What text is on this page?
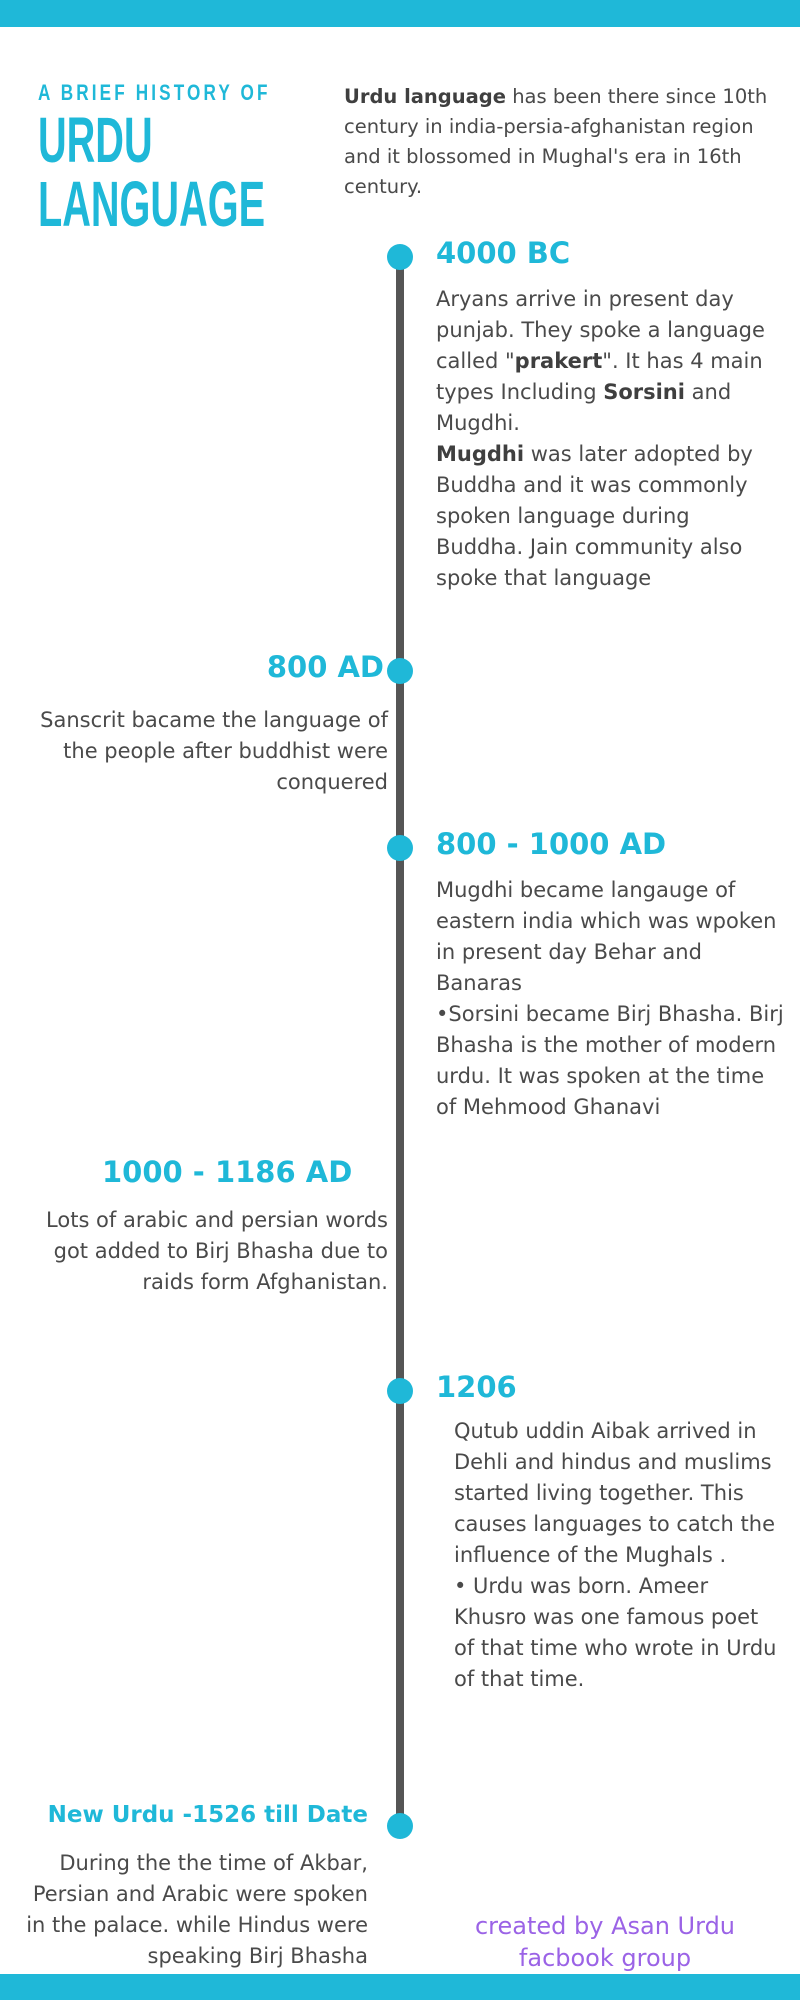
A BRIEF HISTORY OF
URDU
LANGUAGE
Urdu language has been there since 10th century in india-persia-afghanistan region and it blossomed in Mughal's era in 16th century.
4000 BC
Aryans arrive in present day punjab. They spoke a language called "prakert". It has 4 main types Including Sorsini and Mugdhi.
Mugdhi was later adopted by Buddha and it was commonly spoken language during Buddha. Jain community also spoke that language
800 AD
Sanscrit bacame the language of the people after buddhist were conquered
800 - 1000 AD
Mugdhi became langauge of eastern india which was wpoken in present day Behar and Banaras
•Sorsini became Birj Bhasha. Birj Bhasha is the mother of modern urdu. It was spoken at the time of Mehmood Ghanavi
1000 - 1186 AD
Lots of arabic and persian words got added to Birj Bhasha due to raids form Afghanistan.
1206
Qutub uddin Aibak arrived in Dehli and hindus and muslims started living together. This causes languages to catch the influence of the Mughals .
• Urdu was born. Ameer Khusro was one famous poet of that time who wrote in Urdu of that time.
New Urdu -1526 till Date
During the the time of Akbar, Persian and Arabic were spoken in the palace. while Hindus were speaking Birj Bhasha
created by Asan Urdu
facbook group
